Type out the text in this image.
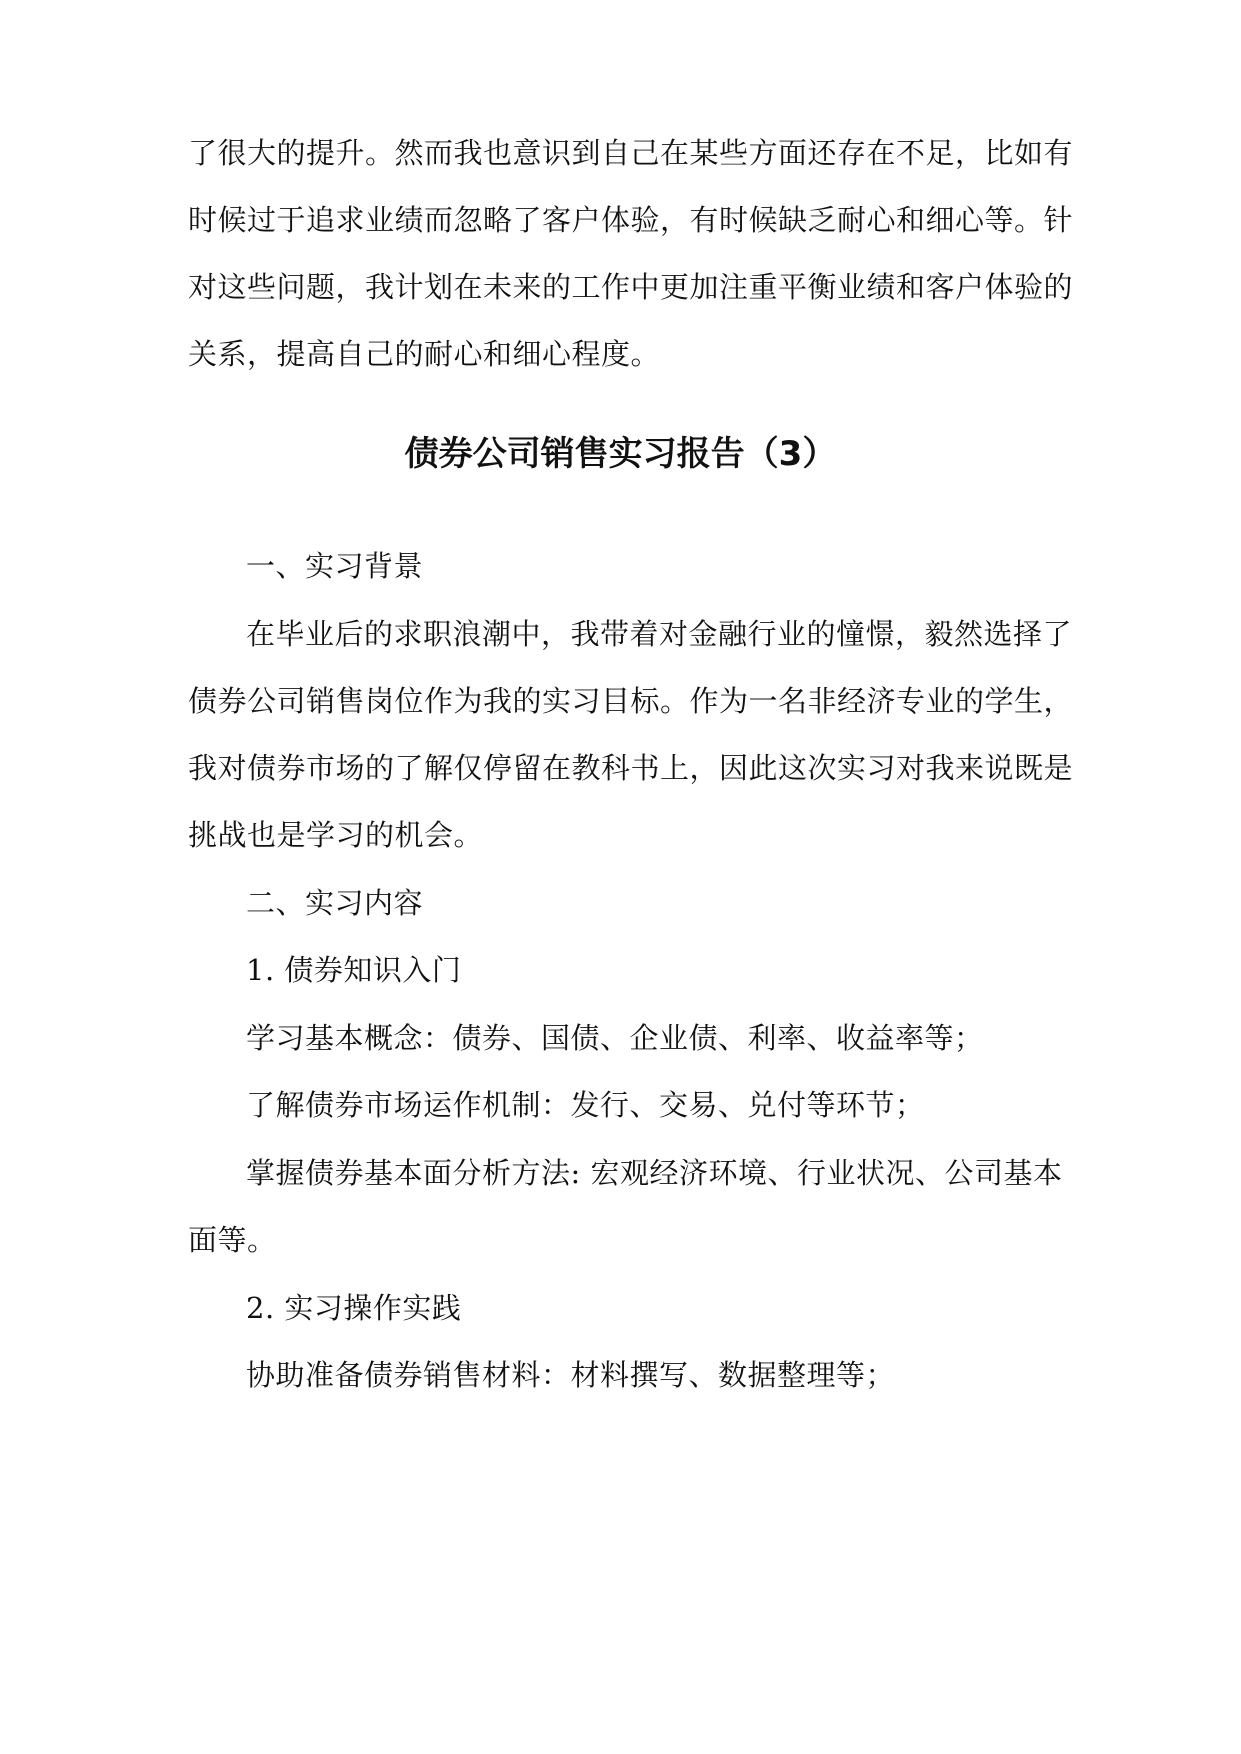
了很大的提升。然而我也意识到自己在某些方面还存在不足，比如有
时候过于追求业绩而忽略了客户体验，有时候缺乏耐心和细心等。针
对这些问题，我计划在未来的工作中更加注重平衡业绩和客户体验的
关系，提高自己的耐心和细心程度。
债券公司销售实习报告（3）
一、实习背景
在毕业后的求职浪潮中，我带着对金融行业的憧憬，毅然选择了
债券公司销售岗位作为我的实习目标。作为一名非经济专业的学生，
我对债券市场的了解仅停留在教科书上，因此这次实习对我来说既是
挑战也是学习的机会。
二、实习内容
1. 债券知识入门
学习基本概念：债券、国债、企业债、利率、收益率等；
了解债券市场运作机制：发行、交易、兑付等环节；
掌握债券基本面分析方法: 宏观经济环境、行业状况、公司基本
面等。
2. 实习操作实践
协助准备债券销售材料：材料撰写、数据整理等；
